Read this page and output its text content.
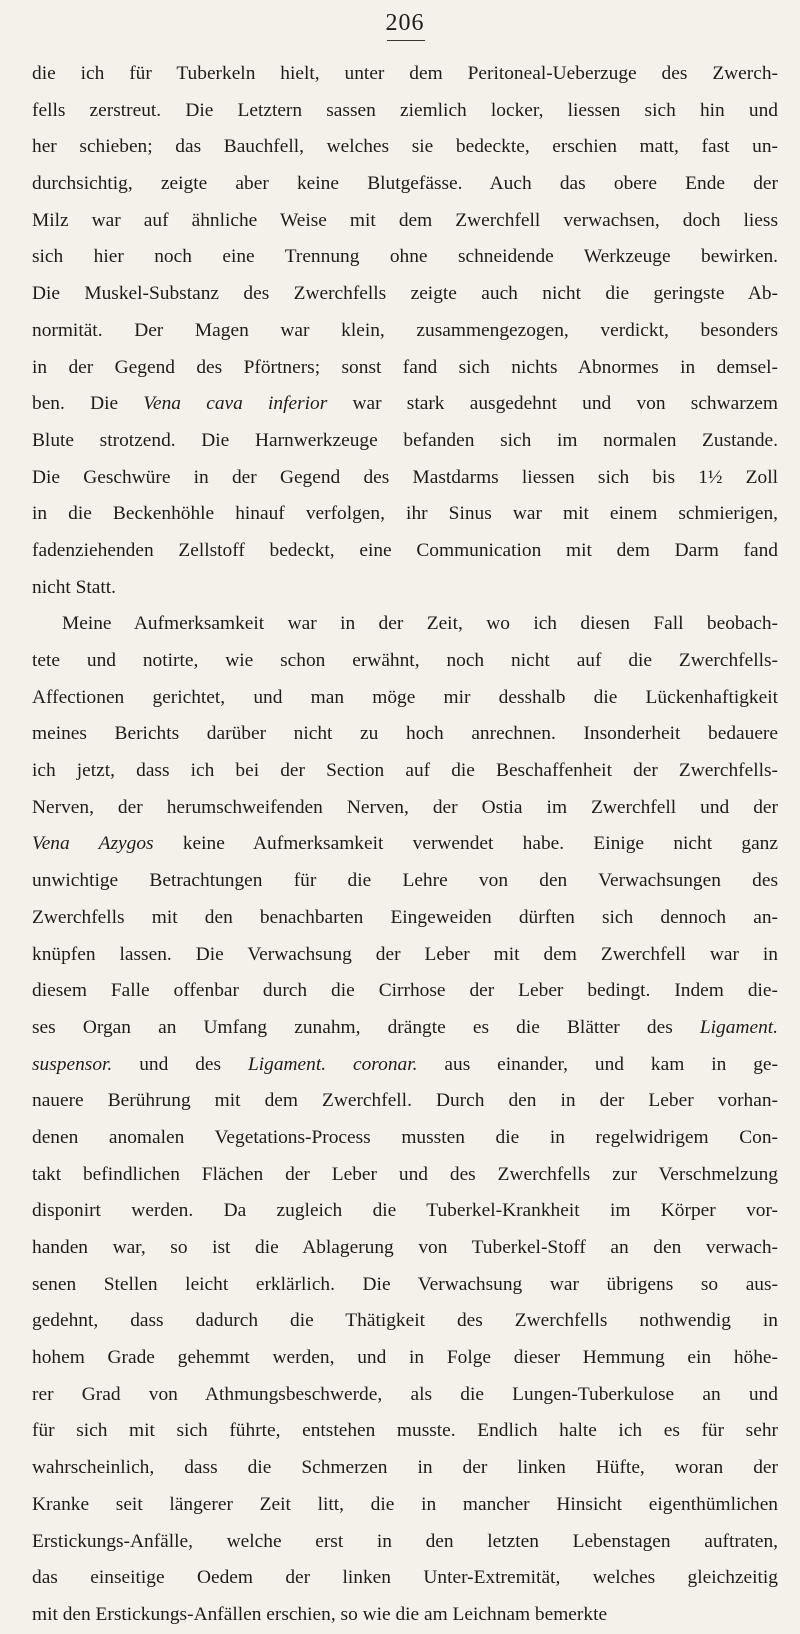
206
die ich für Tuberkeln hielt, unter dem Peritoneal-Ueberzuge des Zwerch-
fells zerstreut. Die Letztern sassen ziemlich locker, liessen sich hin und
her schieben; das Bauchfell, welches sie bedeckte, erschien matt, fast un-
durchsichtig, zeigte aber keine Blutgefässe. Auch das obere Ende der
Milz war auf ähnliche Weise mit dem Zwerchfell verwachsen, doch liess
sich hier noch eine Trennung ohne schneidende Werkzeuge bewirken.
Die Muskel-Substanz des Zwerchfells zeigte auch nicht die geringste Ab-
normität. Der Magen war klein, zusammengezogen, verdickt, besonders
in der Gegend des Pförtners; sonst fand sich nichts Abnormes in demsel-
ben. Die Vena cava inferior war stark ausgedehnt und von schwarzem
Blute strotzend. Die Harnwerkzeuge befanden sich im normalen Zustande.
Die Geschwüre in der Gegend des Mastdarms liessen sich bis 1½ Zoll
in die Beckenhöhle hinauf verfolgen, ihr Sinus war mit einem schmierigen,
fadenziehenden Zellstoff bedeckt, eine Communication mit dem Darm fand
nicht Statt.
Meine Aufmerksamkeit war in der Zeit, wo ich diesen Fall beobach-
tete und notirte, wie schon erwähnt, noch nicht auf die Zwerchfells-
Affectionen gerichtet, und man möge mir desshalb die Lückenhaftigkeit
meines Berichts darüber nicht zu hoch anrechnen. Insonderheit bedauere
ich jetzt, dass ich bei der Section auf die Beschaffenheit der Zwerchfells-
Nerven, der herumschweifenden Nerven, der Ostia im Zwerchfell und der
Vena Azygos keine Aufmerksamkeit verwendet habe. Einige nicht ganz
unwichtige Betrachtungen für die Lehre von den Verwachsungen des
Zwerchfells mit den benachbarten Eingeweiden dürften sich dennoch an-
knüpfen lassen. Die Verwachsung der Leber mit dem Zwerchfell war in
diesem Falle offenbar durch die Cirrhose der Leber bedingt. Indem die-
ses Organ an Umfang zunahm, drängte es die Blätter des Ligament.
suspensor. und des Ligament. coronar. aus einander, und kam in ge-
nauere Berührung mit dem Zwerchfell. Durch den in der Leber vorhan-
denen anomalen Vegetations-Process mussten die in regelwidrigem Con-
takt befindlichen Flächen der Leber und des Zwerchfells zur Verschmelzung
disponirt werden. Da zugleich die Tuberkel-Krankheit im Körper vor-
handen war, so ist die Ablagerung von Tuberkel-Stoff an den verwach-
senen Stellen leicht erklärlich. Die Verwachsung war übrigens so aus-
gedehnt, dass dadurch die Thätigkeit des Zwerchfells nothwendig in
hohem Grade gehemmt werden, und in Folge dieser Hemmung ein höhe-
rer Grad von Athmungsbeschwerde, als die Lungen-Tuberkulose an und
für sich mit sich führte, entstehen musste. Endlich halte ich es für sehr
wahrscheinlich, dass die Schmerzen in der linken Hüfte, woran der
Kranke seit längerer Zeit litt, die in mancher Hinsicht eigenthümlichen
Erstickungs-Anfälle, welche erst in den letzten Lebenstagen auftraten,
das einseitige Oedem der linken Unter-Extremität, welches gleichzeitig
mit den Erstickungs-Anfällen erschien, so wie die am Leichnam bemerkte
